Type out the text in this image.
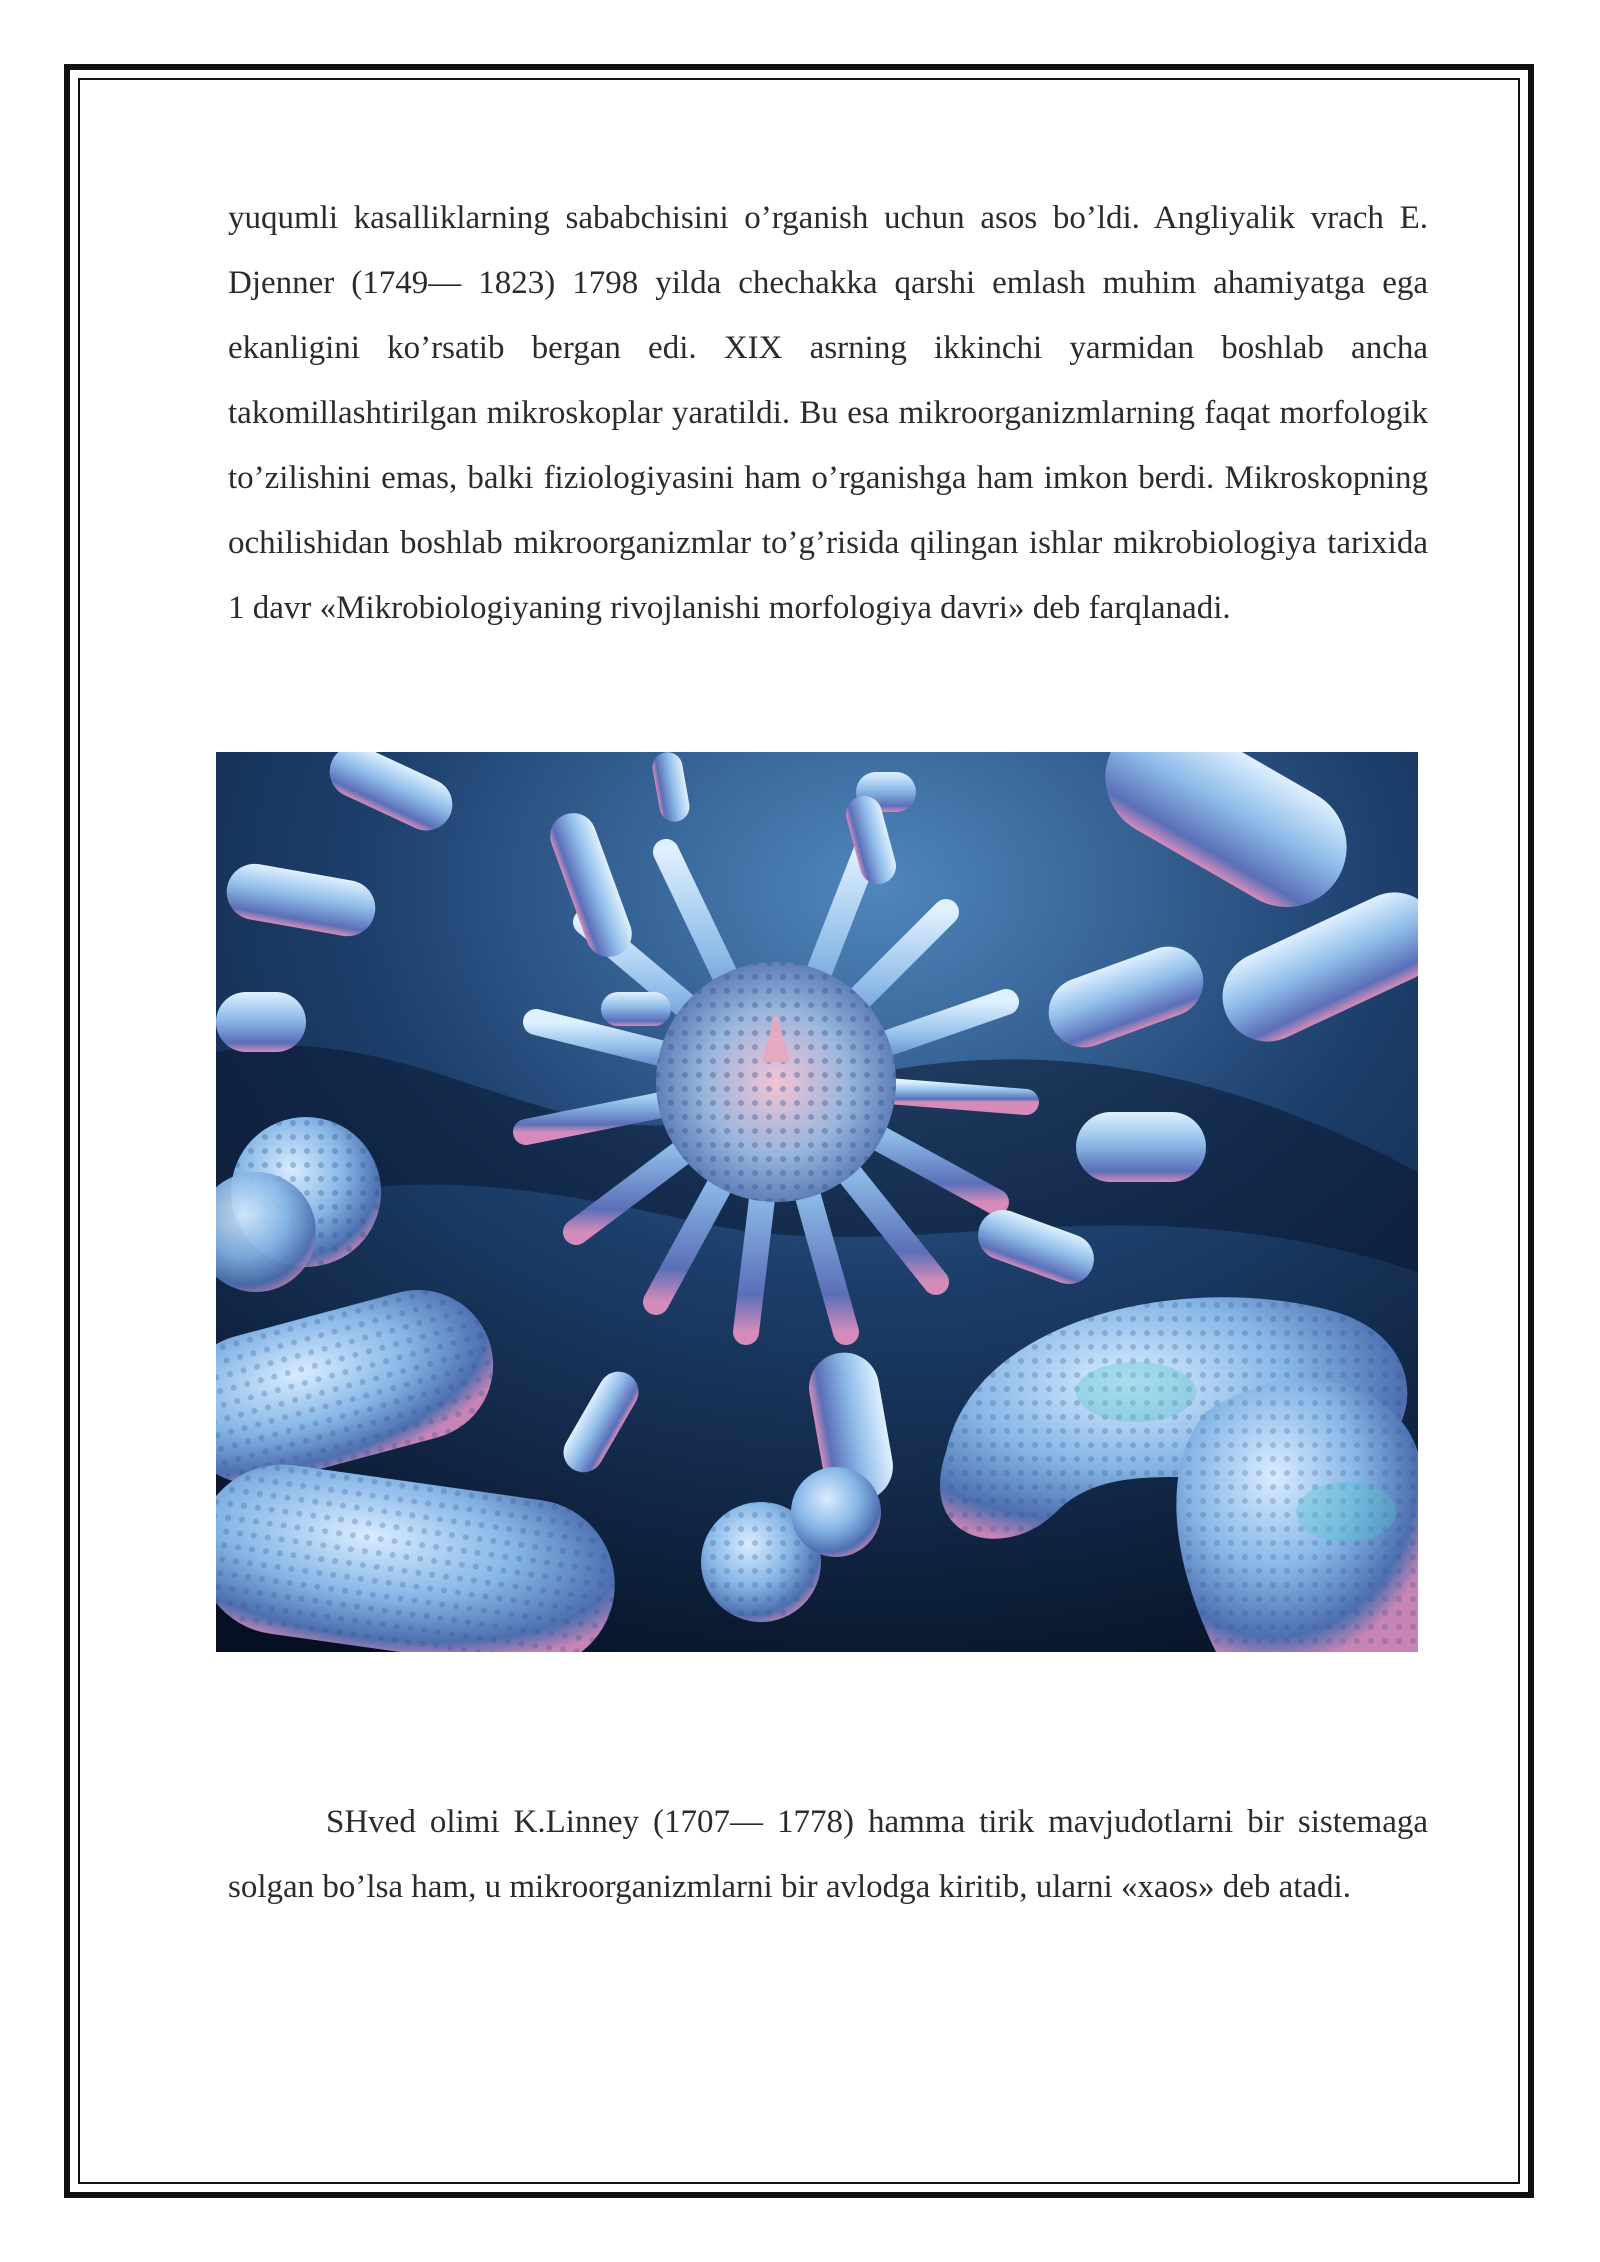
yuqumli kasalliklarning sababchisini o’rganish uchun asos bo’ldi. Angliyalik vrach E. Djenner (1749— 1823) 1798 yilda chechakka qarshi emlash muhim ahamiyatga ega ekanligini ko’rsatib bergan edi. XIX asrning ikkinchi yarmidan boshlab ancha takomillashtirilgan mikroskoplar yaratildi. Bu esa mikroorganizmlarning faqat morfologik to’zilishini emas, balki fiziologiyasini ham o’rganishga ham imkon berdi. Mikroskopning ochilishidan boshlab mikroorganizmlar to’g’risida qilingan ishlar mikrobiologiya tarixida 1 davr «Mikrobiologiyaning rivojlanishi morfologiya davri» deb farqlanadi.

SHved olimi K.Linney (1707— 1778) hamma tirik mavjudotlarni bir sistemaga solgan bo’lsa ham, u mikroorganizmlarni bir avlodga kiritib, ularni «xaos» deb atadi.
